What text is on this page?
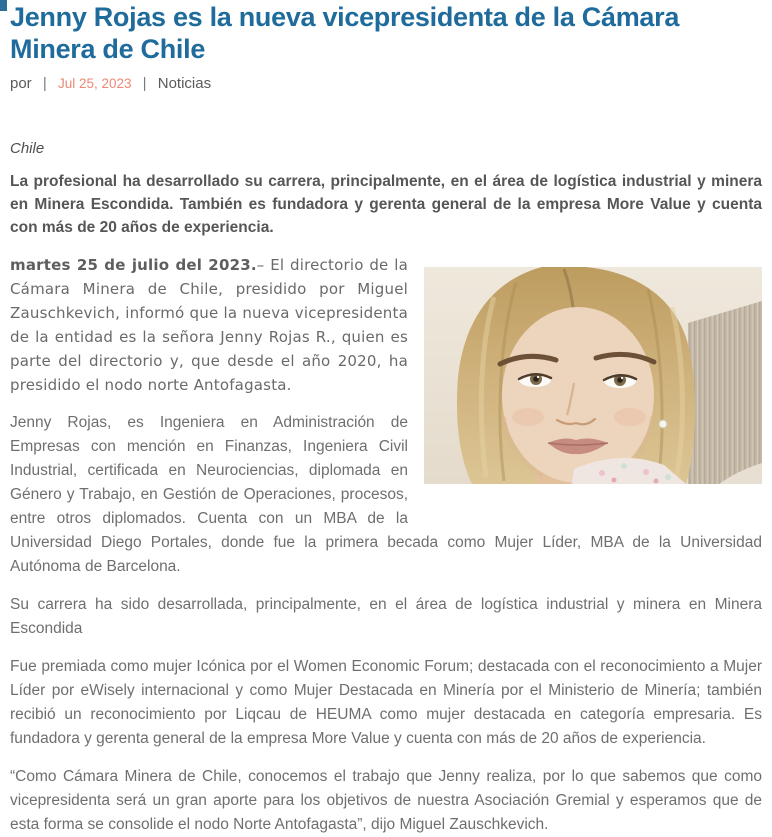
Jenny Rojas es la nueva vicepresidenta de la Cámara Minera de Chile
por | Jul 25, 2023 | Noticias
Chile

La profesional ha desarrollado su carrera, principalmente, en el área de logística industrial y minera en Minera Escondida. También es fundadora y gerenta general de la empresa More Value y cuenta con más de 20 años de experiencia.

martes 25 de julio del 2023.– El directorio de la Cámara Minera de Chile, presidido por Miguel Zauschkevich, informó que la nueva vicepresidenta de la entidad es la señora Jenny Rojas R., quien es parte del directorio y, que desde el año 2020, ha presidido el nodo norte Antofagasta.

Jenny Rojas, es Ingeniera en Administración de Empresas con mención en Finanzas, Ingeniera Civil Industrial, certificada en Neurociencias, diplomada en Género y Trabajo, en Gestión de Operaciones, procesos, entre otros diplomados. Cuenta con un MBA de la Universidad Diego Portales, donde fue la primera becada como Mujer Líder, MBA de la Universidad Autónoma de Barcelona.

Su carrera ha sido desarrollada, principalmente, en el área de logística industrial y minera en Minera Escondida

Fue premiada como mujer Icónica por el Women Economic Forum; destacada con el reconocimiento a Mujer Líder por eWisely internacional y como Mujer Destacada en Minería por el Ministerio de Minería; también recibió un reconocimiento por Liqcau de HEUMA como mujer destacada en categoría empresaria. Es fundadora y gerenta general de la empresa More Value y cuenta con más de 20 años de experiencia.

“Como Cámara Minera de Chile, conocemos el trabajo que Jenny realiza, por lo que sabemos que como vicepresidenta será un gran aporte para los objetivos de nuestra Asociación Gremial y esperamos que de esta forma se consolide el nodo Norte Antofagasta”, dijo Miguel Zauschkevich.
